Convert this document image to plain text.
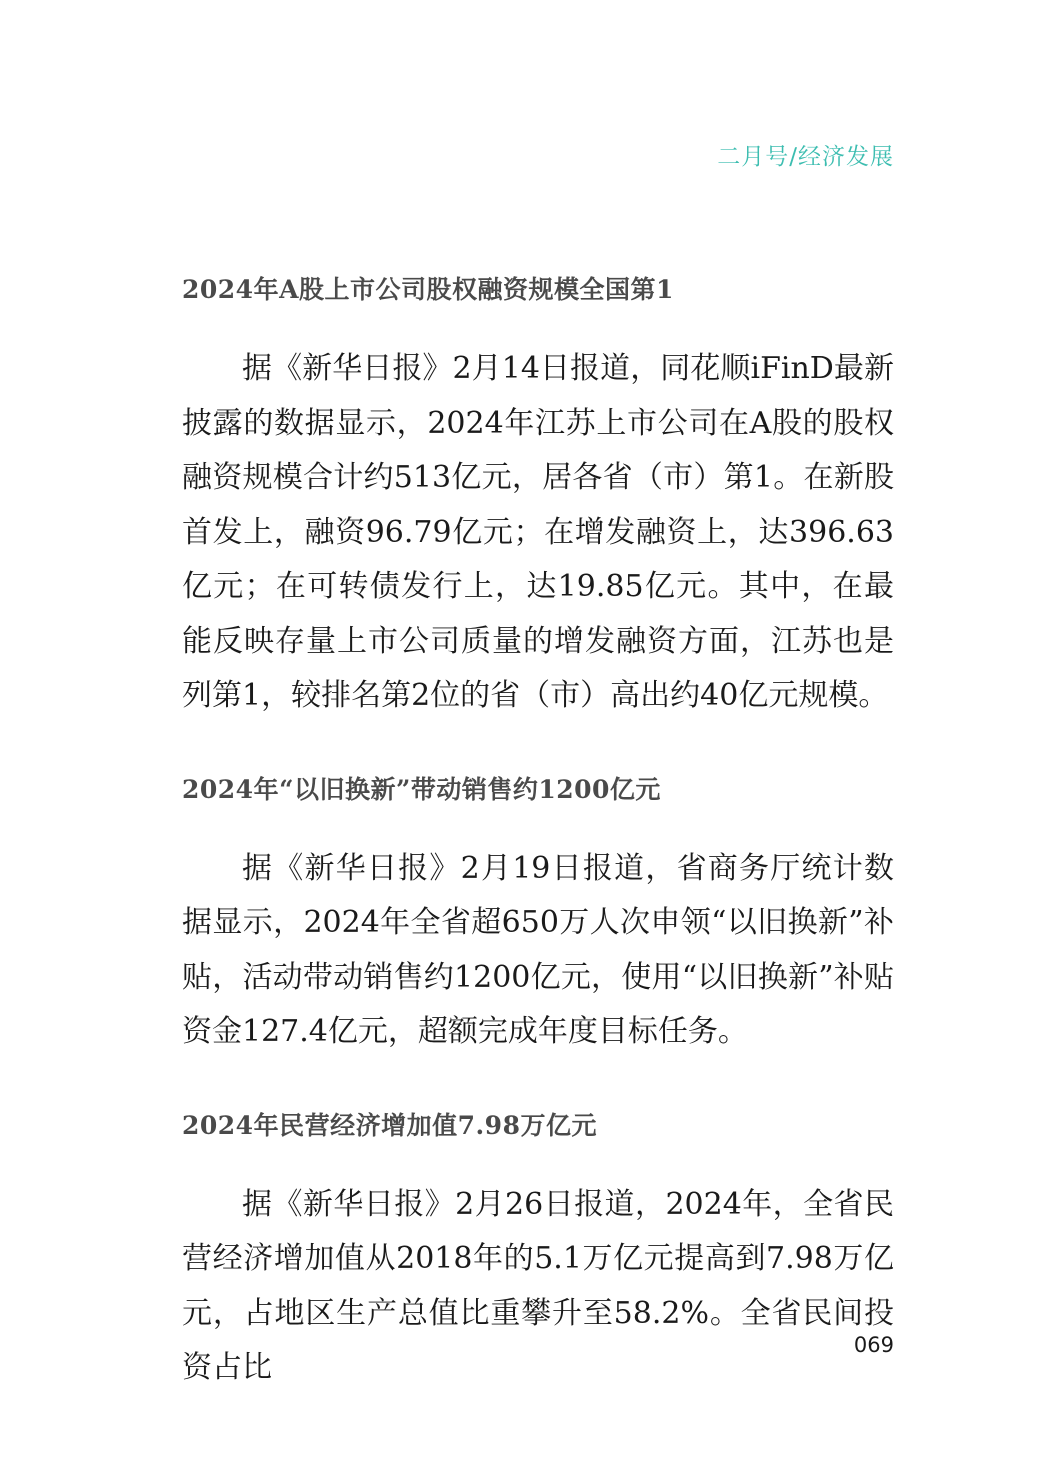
二月号∕经济发展
2024年A股上市公司股权融资规模全国第1

据《新华日报》2月14日报道，同花顺iFinD最新披露的数据显示，2024年江苏上市公司在A股的股权融资规模合计约513亿元，居各省（市）第1。在新股首发上，融资96.79亿元；在增发融资上，达396.63亿元；在可转债发行上，达19.85亿元。其中，在最能反映存量上市公司质量的增发融资方面，江苏也是列第1，较排名第2位的省（市）高出约40亿元规模。

2024年“以旧换新”带动销售约1200亿元

据《新华日报》2月19日报道，省商务厅统计数据显示，2024年全省超650万人次申领“以旧换新”补贴，活动带动销售约1200亿元，使用“以旧换新”补贴资金127.4亿元，超额完成年度目标任务。

2024年民营经济增加值7.98万亿元

据《新华日报》2月26日报道，2024年，全省民营经济增加值从2018年的5.1万亿元提高到7.98万亿元，占地区生产总值比重攀升至58.2%。全省民间投资占比

069
